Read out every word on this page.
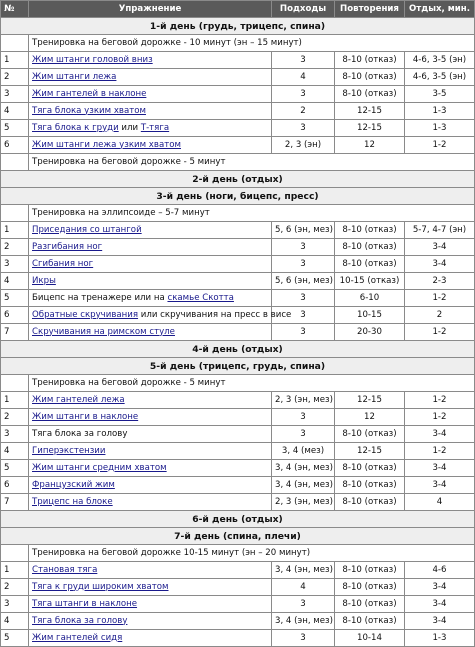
№	Упражнение	Подходы	Повторения	Отдых, мин.
1-й день (грудь, трицепс, спина)				
	Тренировка на беговой дорожке - 10 минут (эн – 15 минут)			
1	Жим штанги головой вниз	3	8-10 (отказ)	4-6, 3-5 (эн)
2	Жим штанги лежа	4	8-10 (отказ)	4-6, 3-5 (эн)
3	Жим гантелей в наклоне	3	8-10 (отказ)	3-5
4	Тяга блока узким хватом	2	12-15	1-3
5	Тяга блока к груди или Т-тяга	3	12-15	1-3
6	Жим штанги лежа узким хватом	2, 3 (эн)	12	1-2
	Тренировка на беговой дорожке - 5 минут			
2-й день (отдых)				
3-й день (ноги, бицепс, пресс)				
	Тренировка на эллипсоиде – 5-7 минут			
1	Приседания со штангой	5, 6 (эн, мез)	8-10 (отказ)	5-7, 4-7 (эн)
2	Разгибания ног	3	8-10 (отказ)	3-4
3	Сгибания ног	3	8-10 (отказ)	3-4
4	Икры	5, 6 (эн, мез)	10-15 (отказ)	2-3
5	Бицепс на тренажере или на скамье Скотта	3	6-10	1-2
6	Обратные скручивания или скручивания на пресс в висе	3	10-15	2
7	Скручивания на римском стуле	3	20-30	1-2
4-й день (отдых)				
5-й день (трицепс, грудь, спина)				
	Тренировка на беговой дорожке - 5 минут			
1	Жим гантелей лежа	2, 3 (эн, мез)	12-15	1-2
2	Жим штанги в наклоне	3	12	1-2
3	Тяга блока за голову	3	8-10 (отказ)	3-4
4	Гиперэкстензии	3, 4 (мез)	12-15	1-2
5	Жим штанги средним хватом	3, 4 (эн, мез)	8-10 (отказ)	3-4
6	Французский жим	3, 4 (эн, мез)	8-10 (отказ)	3-4
7	Трицепс на блоке	2, 3 (эн, мез)	8-10 (отказ)	4
6-й день (отдых)				
7-й день (спина, плечи)				
	Тренировка на беговой дорожке 10-15 минут (эн – 20 минут)			
1	Становая тяга	3, 4 (эн, мез)	8-10 (отказ)	4-6
2	Тяга к груди широким хватом	4	8-10 (отказ)	3-4
3	Тяга штанги в наклоне	3	8-10 (отказ)	3-4
4	Тяга блока за голову	3, 4 (эн, мез)	8-10 (отказ)	3-4
5	Жим гантелей сидя	3	10-14	1-3
